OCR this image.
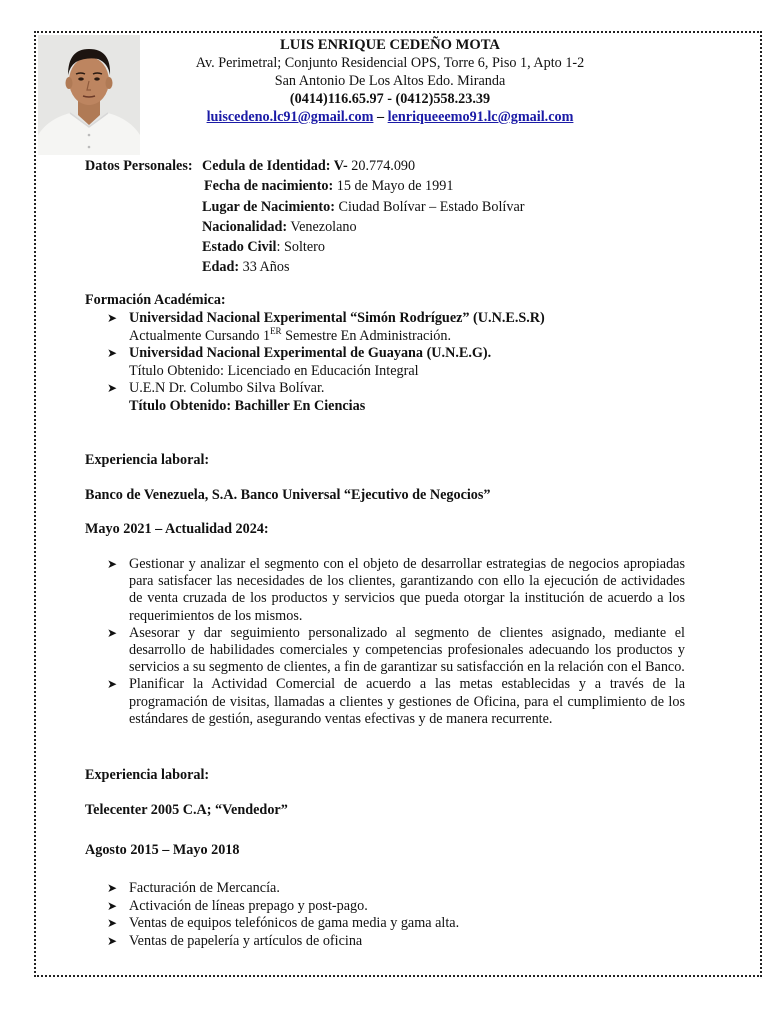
LUIS ENRIQUE CEDEÑO MOTA
Av. Perimetral; Conjunto Residencial OPS, Torre 6, Piso 1, Apto 1-2
San Antonio De Los Altos Edo. Miranda
(0414)116.65.97 - (0412)558.23.39
luiscedeno.lc91@gmail.com – lenriqueeemo91.lc@gmail.com
Datos Personales: Cedula de Identidad: V- 20.774.090
Fecha de nacimiento: 15 de Mayo de 1991
Lugar de Nacimiento: Ciudad Bolívar – Estado Bolívar
Nacionalidad: Venezolano
Estado Civil: Soltero
Edad: 33 Años
Formación Académica:
➤ Universidad Nacional Experimental “Simón Rodríguez” (U.N.E.S.R)
Actualmente Cursando 1ER Semestre En Administración.
➤ Universidad Nacional Experimental de Guayana (U.N.E.G).
Título Obtenido: Licenciado en Educación Integral
➤ U.E.N Dr. Columbo Silva Bolívar.
Título Obtenido: Bachiller En Ciencias
Experiencia laboral:
Banco de Venezuela, S.A. Banco Universal “Ejecutivo de Negocios”
Mayo 2021 – Actualidad 2024:
➤ Gestionar y analizar el segmento con el objeto de desarrollar estrategias de negocios apropiadas para satisfacer las necesidades de los clientes, garantizando con ello la ejecución de actividades de venta cruzada de los productos y servicios que pueda otorgar la institución de acuerdo a los requerimientos de los mismos.
➤ Asesorar y dar seguimiento personalizado al segmento de clientes asignado, mediante el desarrollo de habilidades comerciales y competencias profesionales adecuando los productos y servicios a su segmento de clientes, a fin de garantizar su satisfacción en la relación con el Banco.
➤ Planificar la Actividad Comercial de acuerdo a las metas establecidas y a través de la programación de visitas, llamadas a clientes y gestiones de Oficina, para el cumplimiento de los estándares de gestión, asegurando ventas efectivas y de manera recurrente.
Experiencia laboral:
Telecenter 2005 C.A; “Vendedor”
Agosto 2015 – Mayo 2018
➤ Facturación de Mercancía.
➤ Activación de líneas prepago y post-pago.
➤ Ventas de equipos telefónicos de gama media y gama alta.
➤ Ventas de papelería y artículos de oficina
